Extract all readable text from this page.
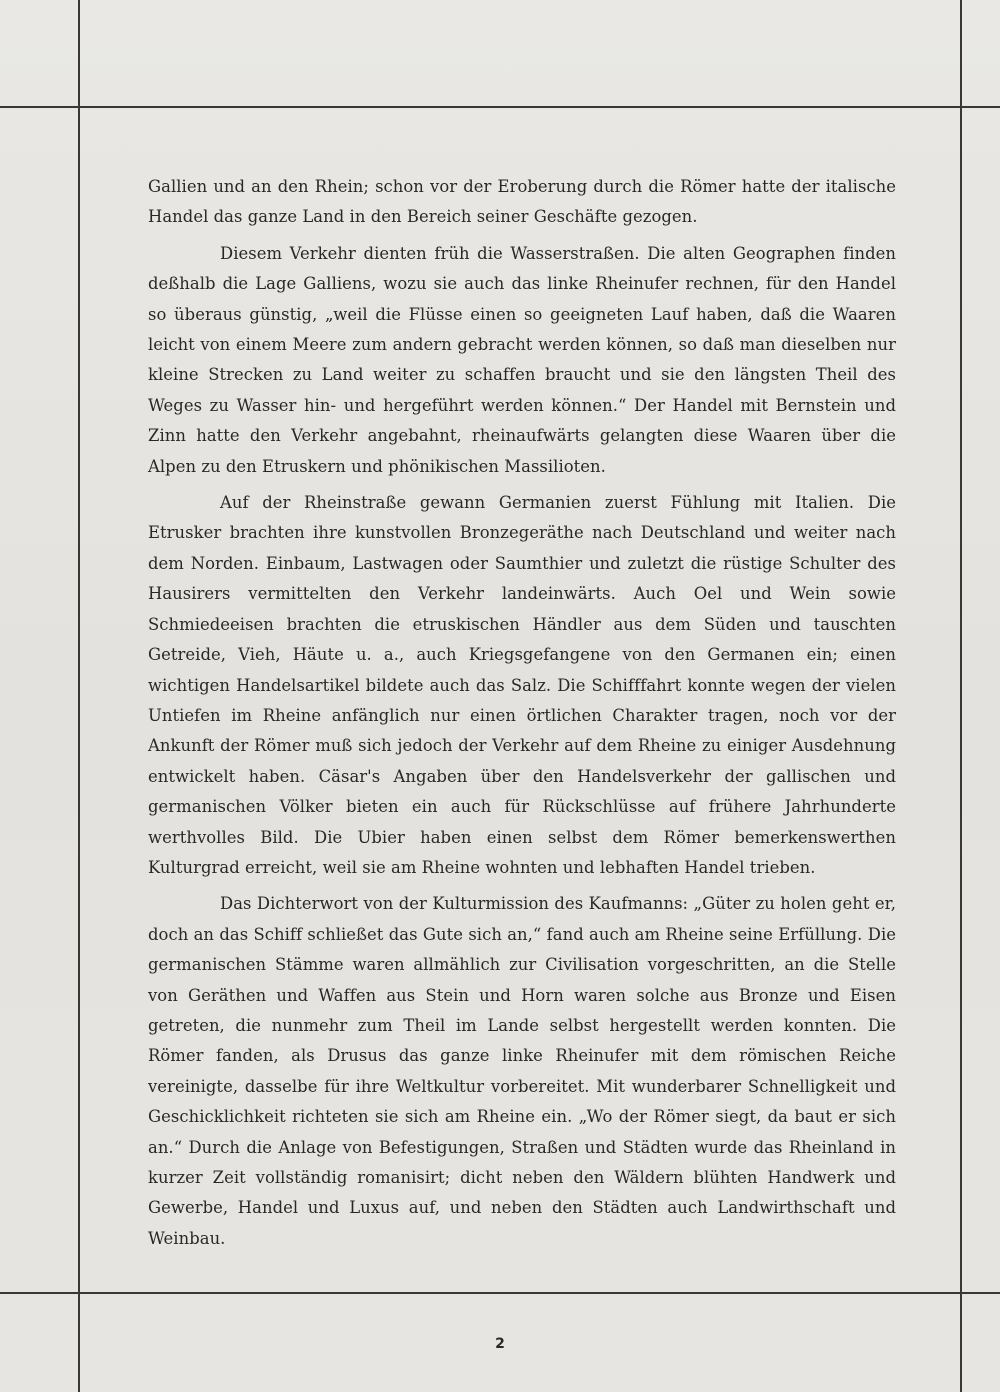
Gallien und an den Rhein; schon vor der Eroberung durch die Römer hatte der italische Handel das ganze Land in den Bereich seiner Geschäfte gezogen.

Diesem Verkehr dienten früh die Wasserstraßen. Die alten Geographen finden deßhalb die Lage Galliens, wozu sie auch das linke Rheinufer rechnen, für den Handel so überaus günstig, „weil die Flüsse einen so geeigneten Lauf haben, daß die Waaren leicht von einem Meere zum andern gebracht werden können, so daß man dieselben nur kleine Strecken zu Land weiter zu schaffen braucht und sie den längsten Theil des Weges zu Wasser hin- und hergeführt werden können.“ Der Handel mit Bernstein und Zinn hatte den Verkehr angebahnt, rheinaufwärts gelangten diese Waaren über die Alpen zu den Etruskern und phönikischen Massilioten.

Auf der Rheinstraße gewann Germanien zuerst Fühlung mit Italien. Die Etrusker brachten ihre kunstvollen Bronzegeräthe nach Deutschland und weiter nach dem Norden. Einbaum, Lastwagen oder Saumthier und zuletzt die rüstige Schulter des Hausirers vermittelten den Verkehr landeinwärts. Auch Oel und Wein sowie Schmiedeeisen brachten die etruskischen Händler aus dem Süden und tauschten Getreide, Vieh, Häute u. a., auch Kriegsgefangene von den Germanen ein; einen wichtigen Handelsartikel bildete auch das Salz. Die Schifffahrt konnte wegen der vielen Untiefen im Rheine anfänglich nur einen örtlichen Charakter tragen, noch vor der Ankunft der Römer muß sich jedoch der Verkehr auf dem Rheine zu einiger Ausdehnung entwickelt haben. Cäsar's Angaben über den Handelsverkehr der gallischen und germanischen Völker bieten ein auch für Rückschlüsse auf frühere Jahrhunderte werthvolles Bild. Die Ubier haben einen selbst dem Römer bemerkenswerthen Kulturgrad erreicht, weil sie am Rheine wohnten und lebhaften Handel trieben.

Das Dichterwort von der Kulturmission des Kaufmanns: „Güter zu holen geht er, doch an das Schiff schließet das Gute sich an,“ fand auch am Rheine seine Erfüllung. Die germanischen Stämme waren allmählich zur Civilisation vorgeschritten, an die Stelle von Geräthen und Waffen aus Stein und Horn waren solche aus Bronze und Eisen getreten, die nunmehr zum Theil im Lande selbst hergestellt werden konnten. Die Römer fanden, als Drusus das ganze linke Rheinufer mit dem römischen Reiche vereinigte, dasselbe für ihre Weltkultur vorbereitet. Mit wunderbarer Schnelligkeit und Geschicklichkeit richteten sie sich am Rheine ein. „Wo der Römer siegt, da baut er sich an.“ Durch die Anlage von Befestigungen, Straßen und Städten wurde das Rheinland in kurzer Zeit vollständig romanisirt; dicht neben den Wäldern blühten Handwerk und Gewerbe, Handel und Luxus auf, und neben den Städten auch Landwirthschaft und Weinbau.

2
